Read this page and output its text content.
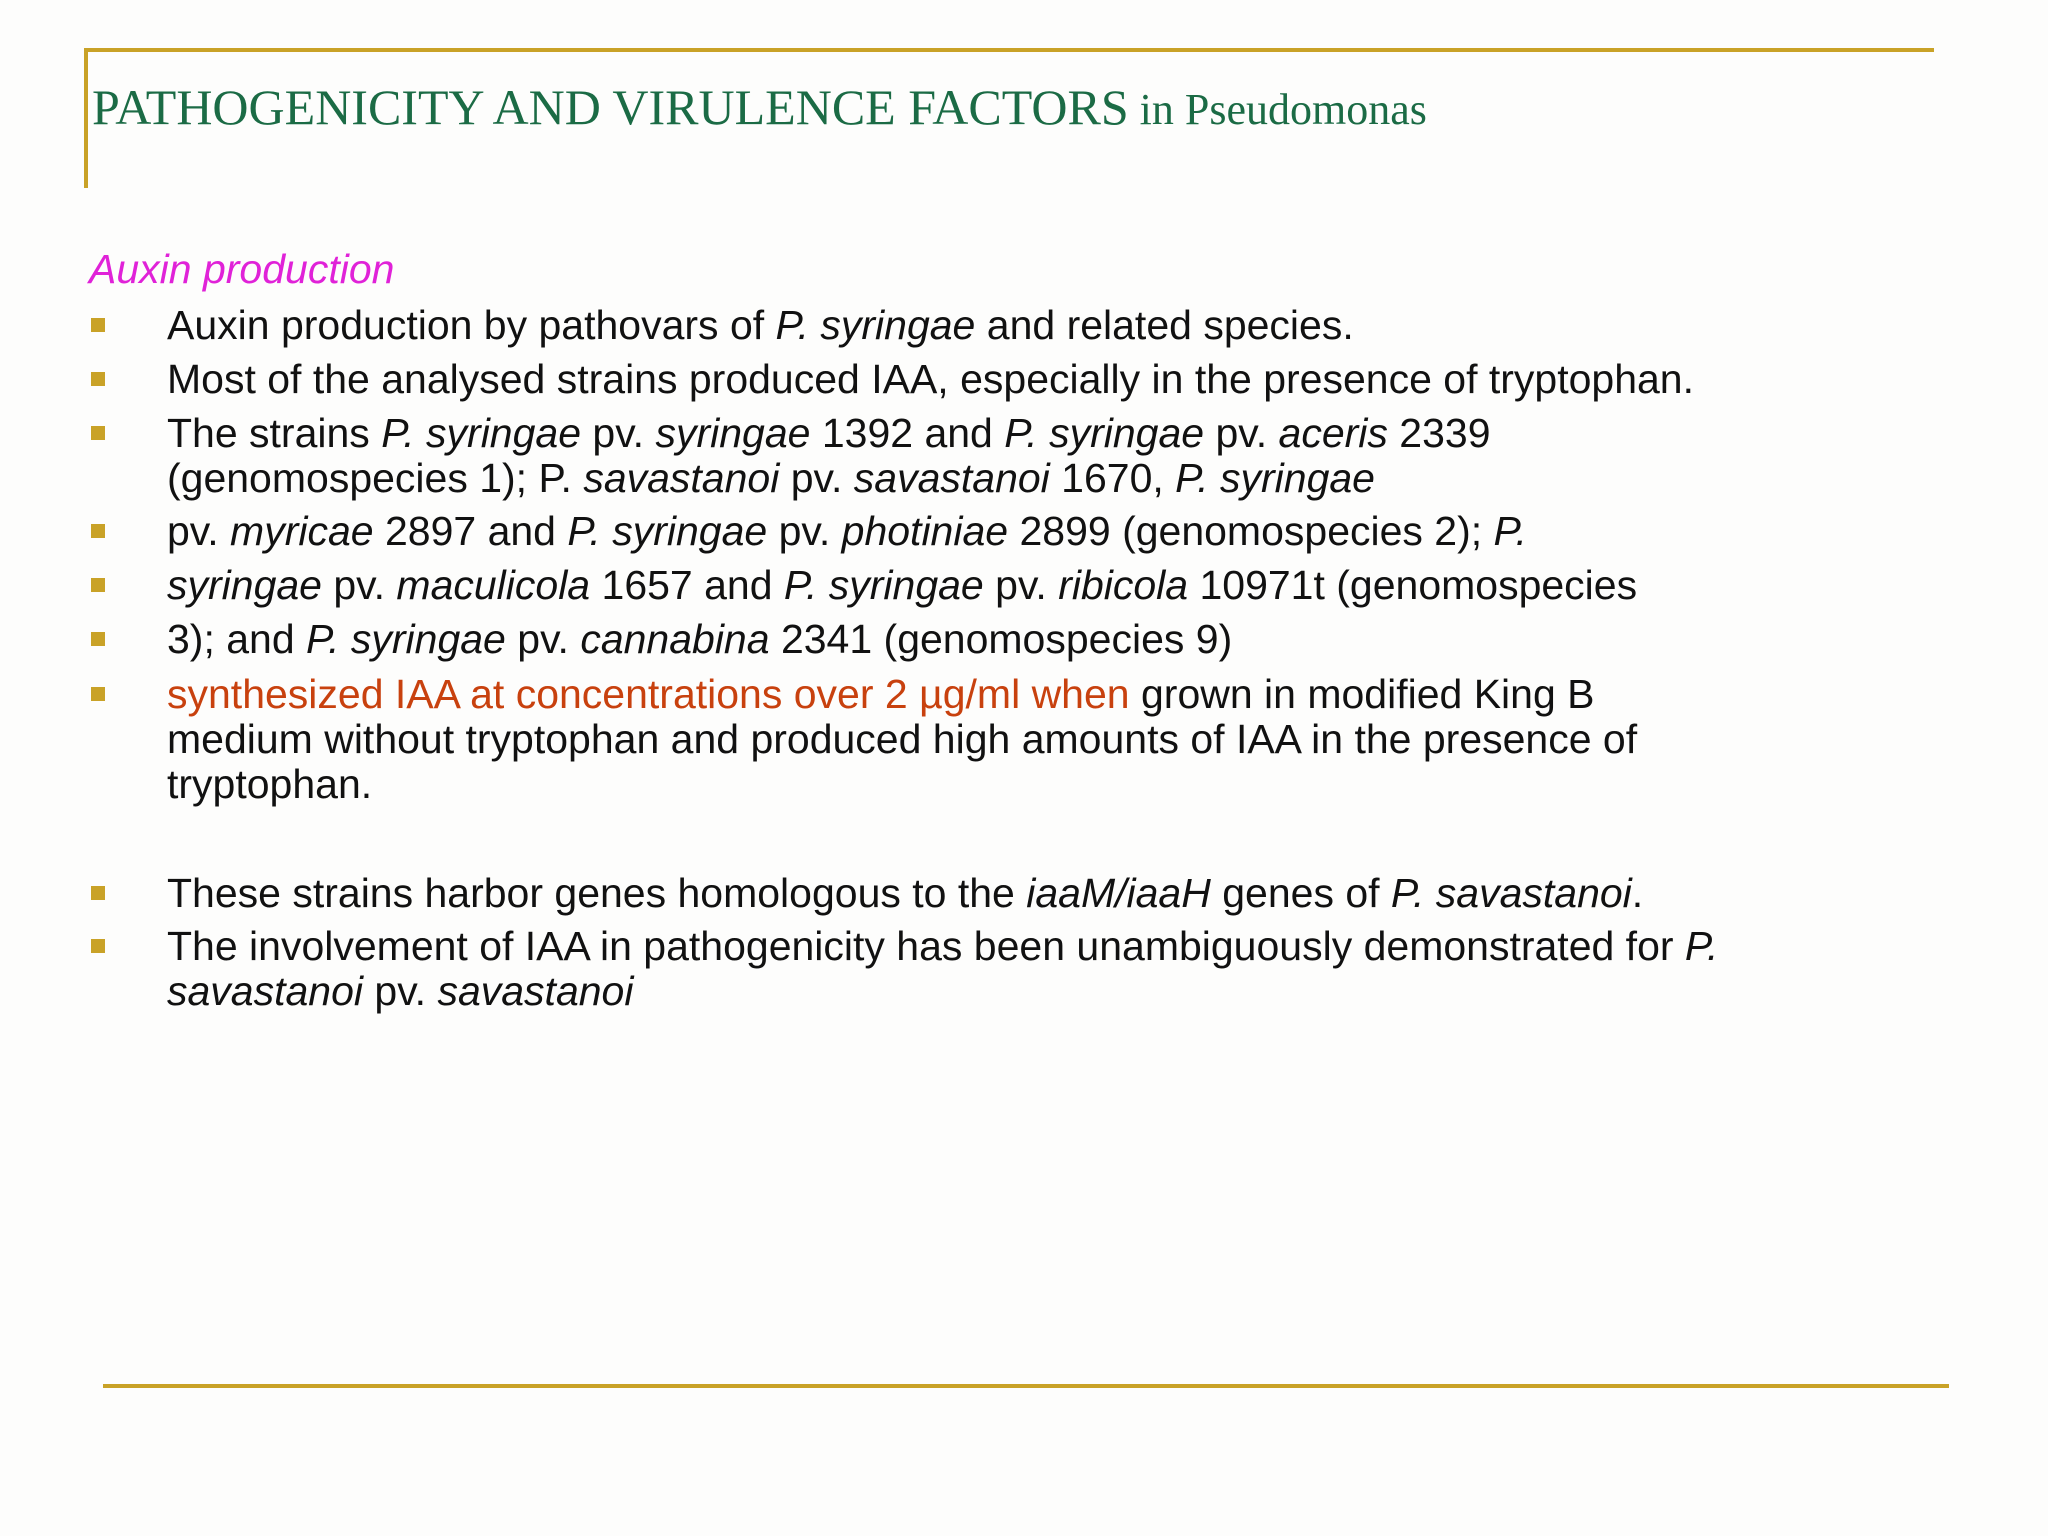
PATHOGENICITY AND VIRULENCE FACTORS in Pseudomonas
Auxin production
Auxin production by pathovars of P. syringae and related species.
Most of the analysed strains produced IAA, especially in the presence of tryptophan.
The strains P. syringae pv. syringae 1392 and P. syringae pv. aceris 2339
(genomospecies 1); P. savastanoi pv. savastanoi 1670, P. syringae
pv. myricae 2897 and P. syringae pv. photiniae 2899 (genomospecies 2); P.
syringae pv. maculicola 1657 and P. syringae pv. ribicola 10971t (genomospecies
3); and P. syringae pv. cannabina 2341 (genomospecies 9)
synthesized IAA at concentrations over 2 µg/ml when grown in modified King B
medium without tryptophan and produced high amounts of IAA in the presence of
tryptophan.
These strains harbor genes homologous to the iaaM/iaaH genes of P. savastanoi.
The involvement of IAA in pathogenicity has been unambiguously demonstrated for P.
savastanoi pv. savastanoi
